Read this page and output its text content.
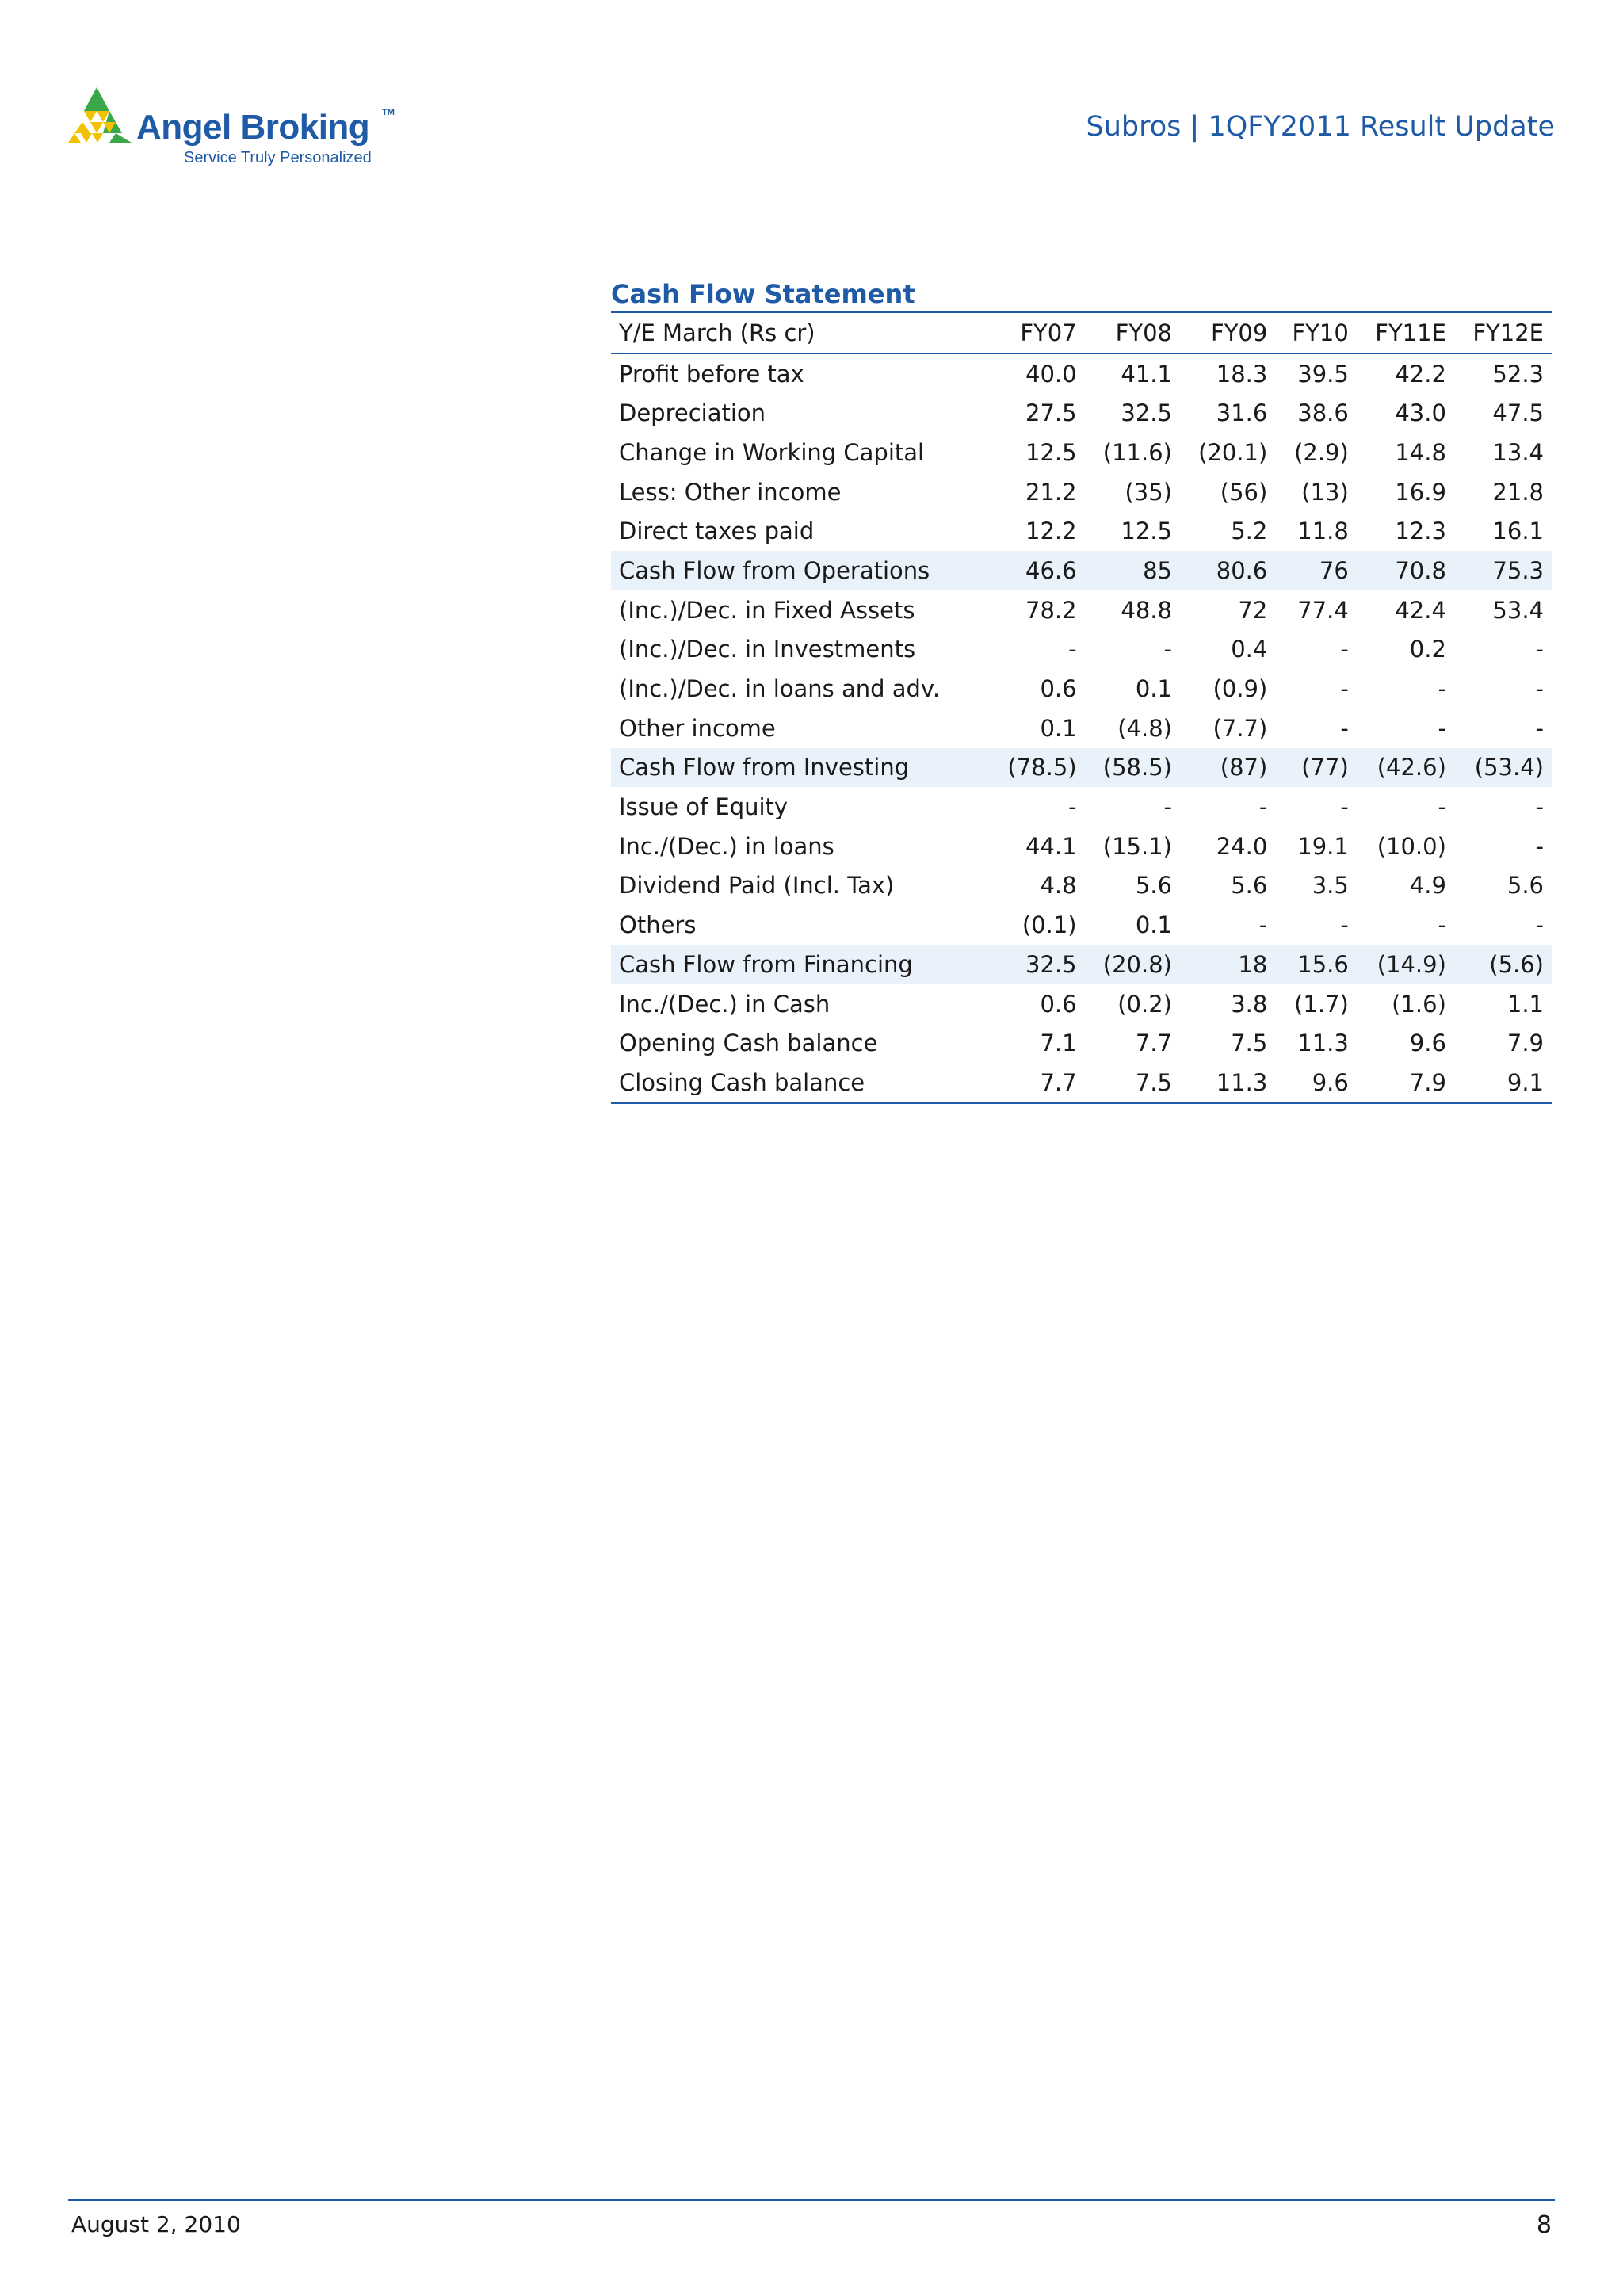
Angel Broking TM
Service Truly Personalized
Subros | 1QFY2011 Result Update
Cash Flow Statement
Y/E March (Rs cr)	FY07	FY08	FY09	FY10	FY11E	FY12E
Profit before tax	40.0	41.1	18.3	39.5	42.2	52.3
Depreciation	27.5	32.5	31.6	38.6	43.0	47.5
Change in Working Capital	12.5	(11.6)	(20.1)	(2.9)	14.8	13.4
Less: Other income	21.2	(35)	(56)	(13)	16.9	21.8
Direct taxes paid	12.2	12.5	5.2	11.8	12.3	16.1
Cash Flow from Operations	46.6	85	80.6	76	70.8	75.3
(Inc.)/Dec. in Fixed Assets	78.2	48.8	72	77.4	42.4	53.4
(Inc.)/Dec. in Investments	-	-	0.4	-	0.2	-
(Inc.)/Dec. in loans and adv.	0.6	0.1	(0.9)	-	-	-
Other income	0.1	(4.8)	(7.7)	-	-	-
Cash Flow from Investing	(78.5)	(58.5)	(87)	(77)	(42.6)	(53.4)
Issue of Equity	-	-	-	-	-	-
Inc./(Dec.) in loans	44.1	(15.1)	24.0	19.1	(10.0)	-
Dividend Paid (Incl. Tax)	4.8	5.6	5.6	3.5	4.9	5.6
Others	(0.1)	0.1	-	-	-	-
Cash Flow from Financing	32.5	(20.8)	18	15.6	(14.9)	(5.6)
Inc./(Dec.) in Cash	0.6	(0.2)	3.8	(1.7)	(1.6)	1.1
Opening Cash balance	7.1	7.7	7.5	11.3	9.6	7.9
Closing Cash balance	7.7	7.5	11.3	9.6	7.9	9.1
August 2, 2010	8
